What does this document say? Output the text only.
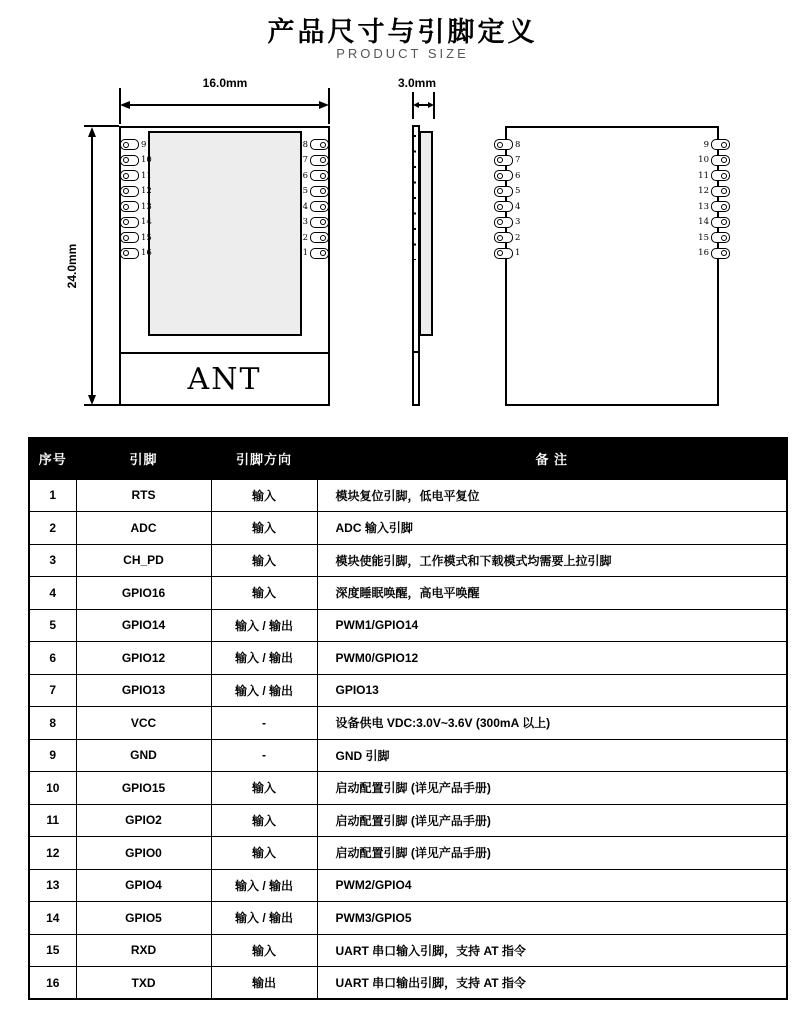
产品尺寸与引脚定义
PRODUCT SIZE
ANT
9
10
11
12
13
14
15
16
8
7
6
5
4
3
2
1
16.0mm
24.0mm
3.0mm
8
7
6
5
4
3
2
1
9
10
11
12
13
14
15
16
序号	引脚	引脚方向	备 注
1	RTS	输入	模块复位引脚，低电平复位
2	ADC	输入	ADC 输入引脚
3	CH_PD	输入	模块使能引脚，工作模式和下载模式均需要上拉引脚
4	GPIO16	输入	深度睡眠唤醒，高电平唤醒
5	GPIO14	输入 / 输出	PWM1/GPIO14
6	GPIO12	输入 / 输出	PWM0/GPIO12
7	GPIO13	输入 / 输出	GPIO13
8	VCC	-	设备供电 VDC:3.0V~3.6V (300mA 以上)
9	GND	-	GND 引脚
10	GPIO15	输入	启动配置引脚 (详见产品手册)
11	GPIO2	输入	启动配置引脚 (详见产品手册)
12	GPIO0	输入	启动配置引脚 (详见产品手册)
13	GPIO4	输入 / 输出	PWM2/GPIO4
14	GPIO5	输入 / 输出	PWM3/GPIO5
15	RXD	输入	UART 串口输入引脚，支持 AT 指令
16	TXD	输出	UART 串口输出引脚，支持 AT 指令
